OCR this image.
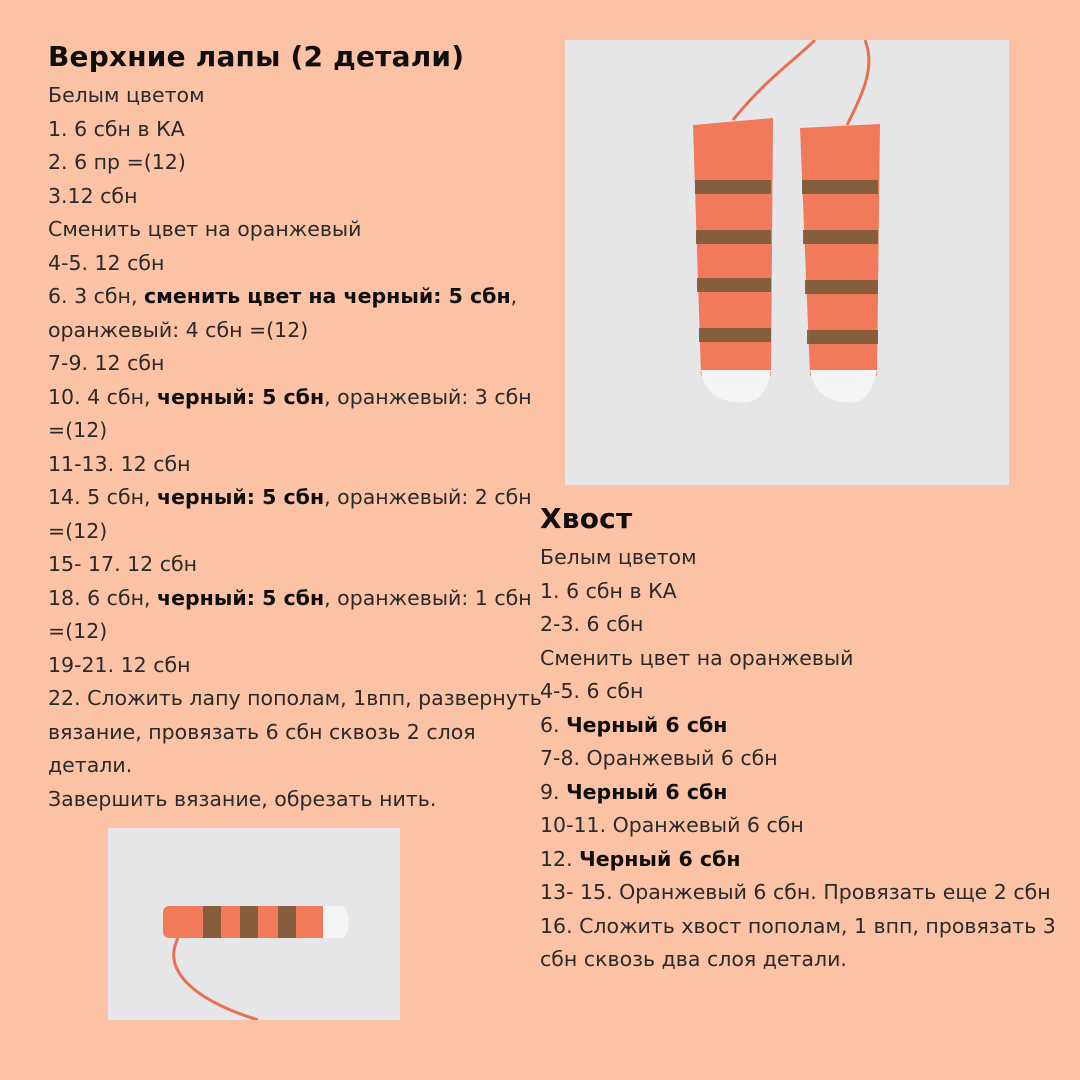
Верхние лапы (2 детали)

Белым цветом

1. 6 сбн в КА

2. 6 пр =(12)

3.12 сбн

Сменить цвет на оранжевый

4-5. 12 сбн

6. 3 сбн, сменить цвет на черный: 5 сбн, оранжевый: 4 сбн =(12)

7-9. 12 сбн

10. 4 сбн, черный: 5 сбн, оранжевый: 3 сбн =(12)

11-13. 12 сбн

14. 5 сбн, черный: 5 сбн, оранжевый: 2 сбн =(12)

15- 17. 12 сбн

18. 6 сбн, черный: 5 сбн, оранжевый: 1 сбн =(12)

19-21. 12 сбн

22. Сложить лапу пополам, 1впп, развернуть вязание, провязать 6 сбн сквозь 2 слоя детали.

Завершить вязание, обрезать нить.

Хвост

Белым цветом

1. 6 сбн в КА

2-3. 6 сбн

Сменить цвет на оранжевый

4-5. 6 сбн

6. Черный 6 сбн

7-8. Оранжевый 6 сбн

9. Черный 6 сбн

10-11. Оранжевый 6 сбн

12. Черный 6 сбн

13- 15. Оранжевый 6 сбн. Провязать еще 2 сбн

16. Сложить хвост пополам, 1 впп, провязать 3 сбн сквозь два слоя детали.
